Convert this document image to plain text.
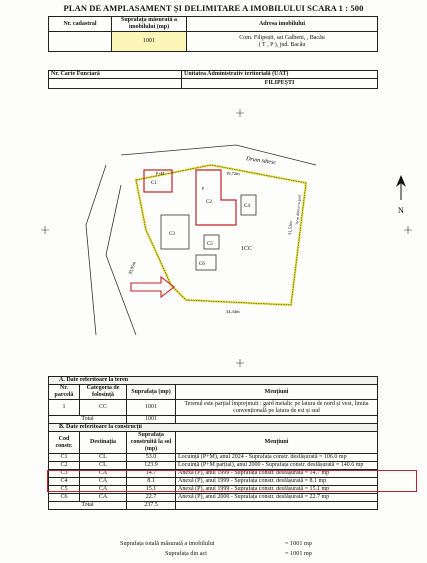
PLAN DE AMPLASAMENT ȘI DELIMITARE A IMOBILULUI SCARA 1 : 500
Nr. cadastral	Suprafața măsurată a imobilului (mp)	Adresa imobilului
	1001	Com. Filipești, sat Galbeni, , Bacău
( T , P ), jud. Bacău
Nr. Carte Funciară	Unitatea Administrativ teritorială (UAT)
	FILIPEȘTI
Drum sătesc
C1
P+M
C2
P
C3
C4
C5
C6
1CC
19,72m
31,53m
34,34m
30,95m
Teren dimitat cu gard	N
A. Date referitoare la teren			
Nr. parcelă	Categoria de folosință	Suprafața (mp)	Mențiuni
1	CC	1001	Terenul este parțial împrejmuit : gard metalic pe latura de nord și vest, limita convențională pe latura de est și sud
Total		1001	
B. Date referitoare la construcții			
Cod constr.	Destinația	Suprafața construită la sol (mp)	Mențiuni
C1	CL	53.0	Locuință (P+M), anul 2024 - Suprafața constr. desfășurată = 106.0 mp
C2	CL	123.9	Locuință (P+M parțial), anul 2000 - Suprafața constr. desfășurată = 140.6 mp
C3	CA	14.7	Anexă (P), anul 1999 - Suprafața constr. desfășurată = 14.7 mp
C4	CA	8.1	Anexă (P), anul 1999 - Suprafața constr. desfășurată = 8.1 mp
C5	CA	15.1	Anexă (P), anul 1999 - Suprafața constr. desfășurată = 15.1 mp
C6	CA	22.7	Anexă (P), anul 2000 - Suprafața constr. desfășurată = 22.7 mp
Total		237.5	
Suprafața totală măsurată a imobilului	= 1001 mp
Suprafața din act	= 1001 mp
